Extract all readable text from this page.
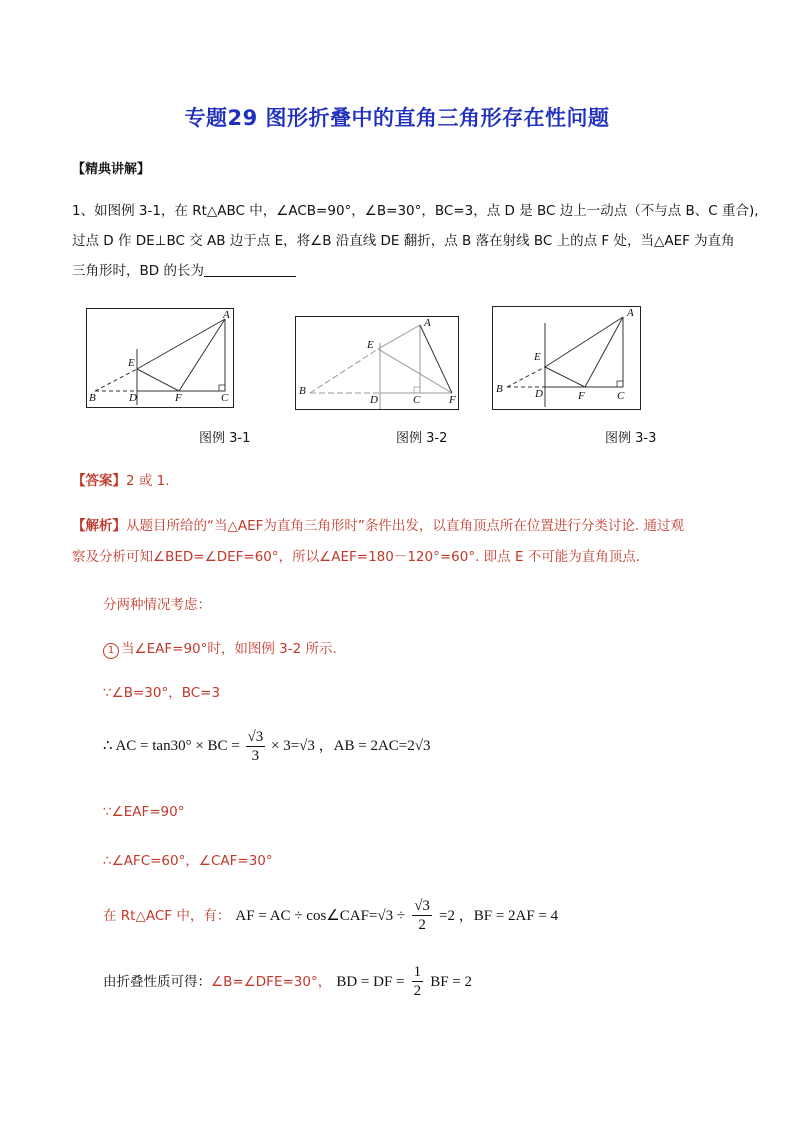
专题29 图形折叠中的直角三角形存在性问题
【精典讲解】
1、如图例 3-1，在 Rt△ABC 中，∠ACB=90°，∠B=30°，BC=3，点 D 是 BC 边上一动点（不与点 B、C 重合),
过点 D 作 DE⊥BC 交 AB 边于点 E，将∠B 沿直线 DE 翻折，点 B 落在射线 BC 上的点 F 处，当△AEF 为直角
三角形时，BD 的长为
A
B	C
D
E
F
A
B
C
D
E
F
A
B
C
D
E
F
图例 3-1	图例 3-2	图例 3-3
【答案】2 或 1.
【解析】从题目所给的“当△AEF为直角三角形时”条件出发，以直角顶点所在位置进行分类讨论. 通过观
察及分析可知∠BED=∠DEF=60°，所以∠AEF=180－120°=60°. 即点 E 不可能为直角顶点.
分两种情况考虑：
1 当∠EAF=90°时，如图例 3-2 所示.
∵∠B=30°，BC=3
∴ AC = tan30° × BC = $\frac{√3}{3} \times 3=√3$ ，AB = 2AC=2√3
∵∠EAF=90°
∴∠AFC=60°，∠CAF=30°
在 Rt△ACF 中，有： AF = AC ÷ cos∠CAF=√3 ÷ $\frac{√3}{2} =2$ ，BF = 2AF = 4
由折叠性质可得：∠B=∠DFE=30°， BD = DF = $\frac{1}{2}$ BF = 2
